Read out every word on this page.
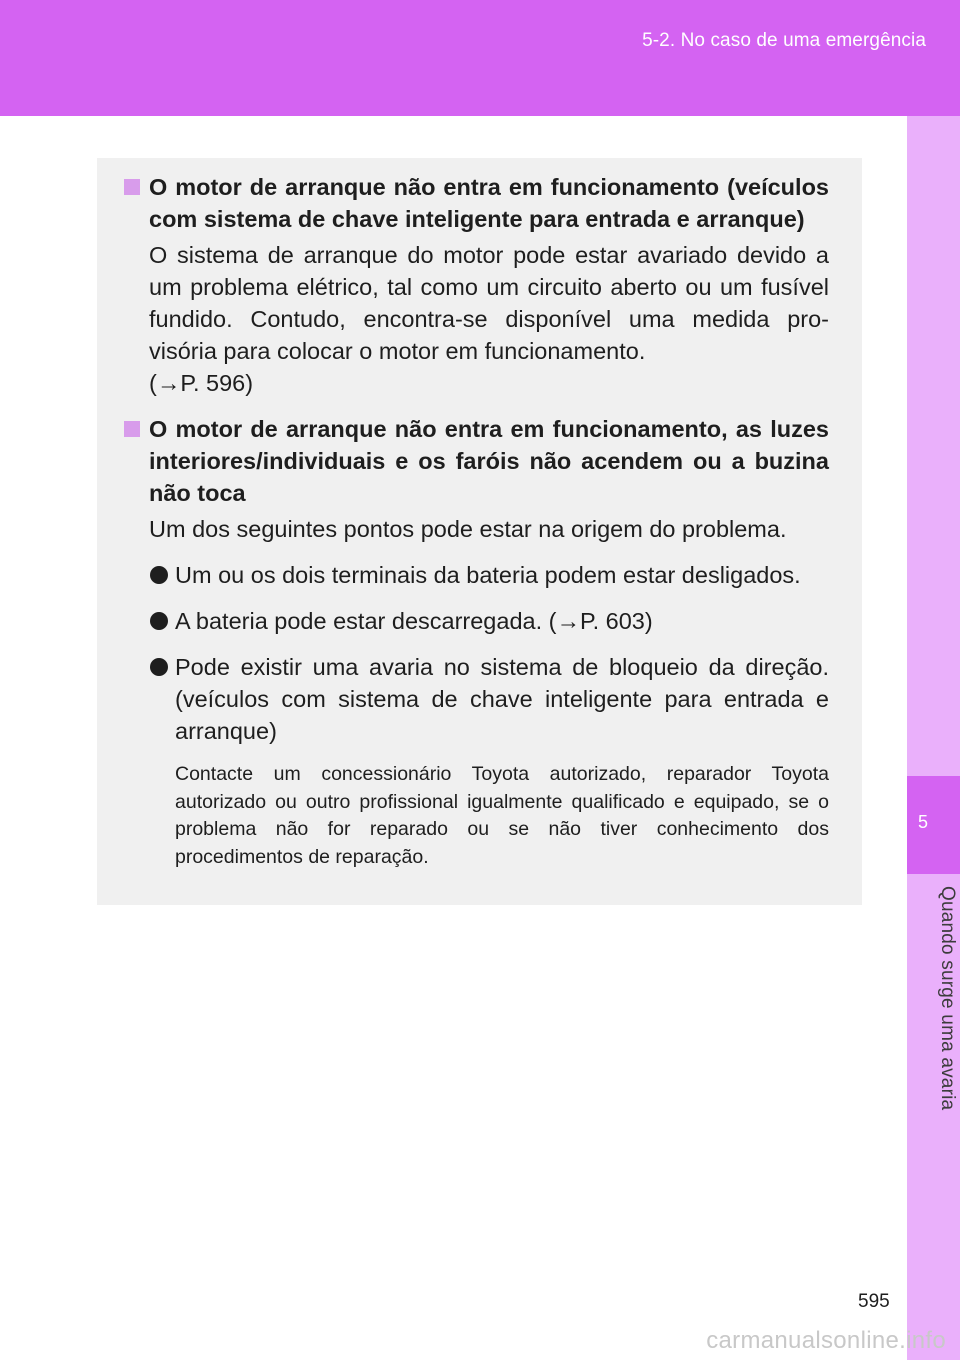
5-2. No caso de uma emergência
5
Quando surge uma avaria
O motor de arranque não entra em funcionamento (veículos com sistema de chave inteligente para entrada e arranque)
O sistema de arranque do motor pode estar avariado devido a um problema elétrico, tal como um circuito aberto ou um fusível fundido. Contudo, encontra-se disponível uma medida pro-visória para colocar o motor em funcionamento.
(→P. 596)
O motor de arranque não entra em funcionamento, as luzes interiores/individuais e os faróis não acendem ou a buzina não toca
Um dos seguintes pontos pode estar na origem do problema.
Um ou os dois terminais da bateria podem estar desligados.
A bateria pode estar descarregada. (→P. 603)
Pode existir uma avaria no sistema de bloqueio da direção. (veículos com sistema de chave inteligente para entrada e arranque)
Contacte um concessionário Toyota autorizado, reparador Toyota autorizado ou outro profissional igualmente qualificado e equipado, se o problema não for reparado ou se não tiver conhecimento dos procedimentos de reparação.
595
carmanualsonline.info
